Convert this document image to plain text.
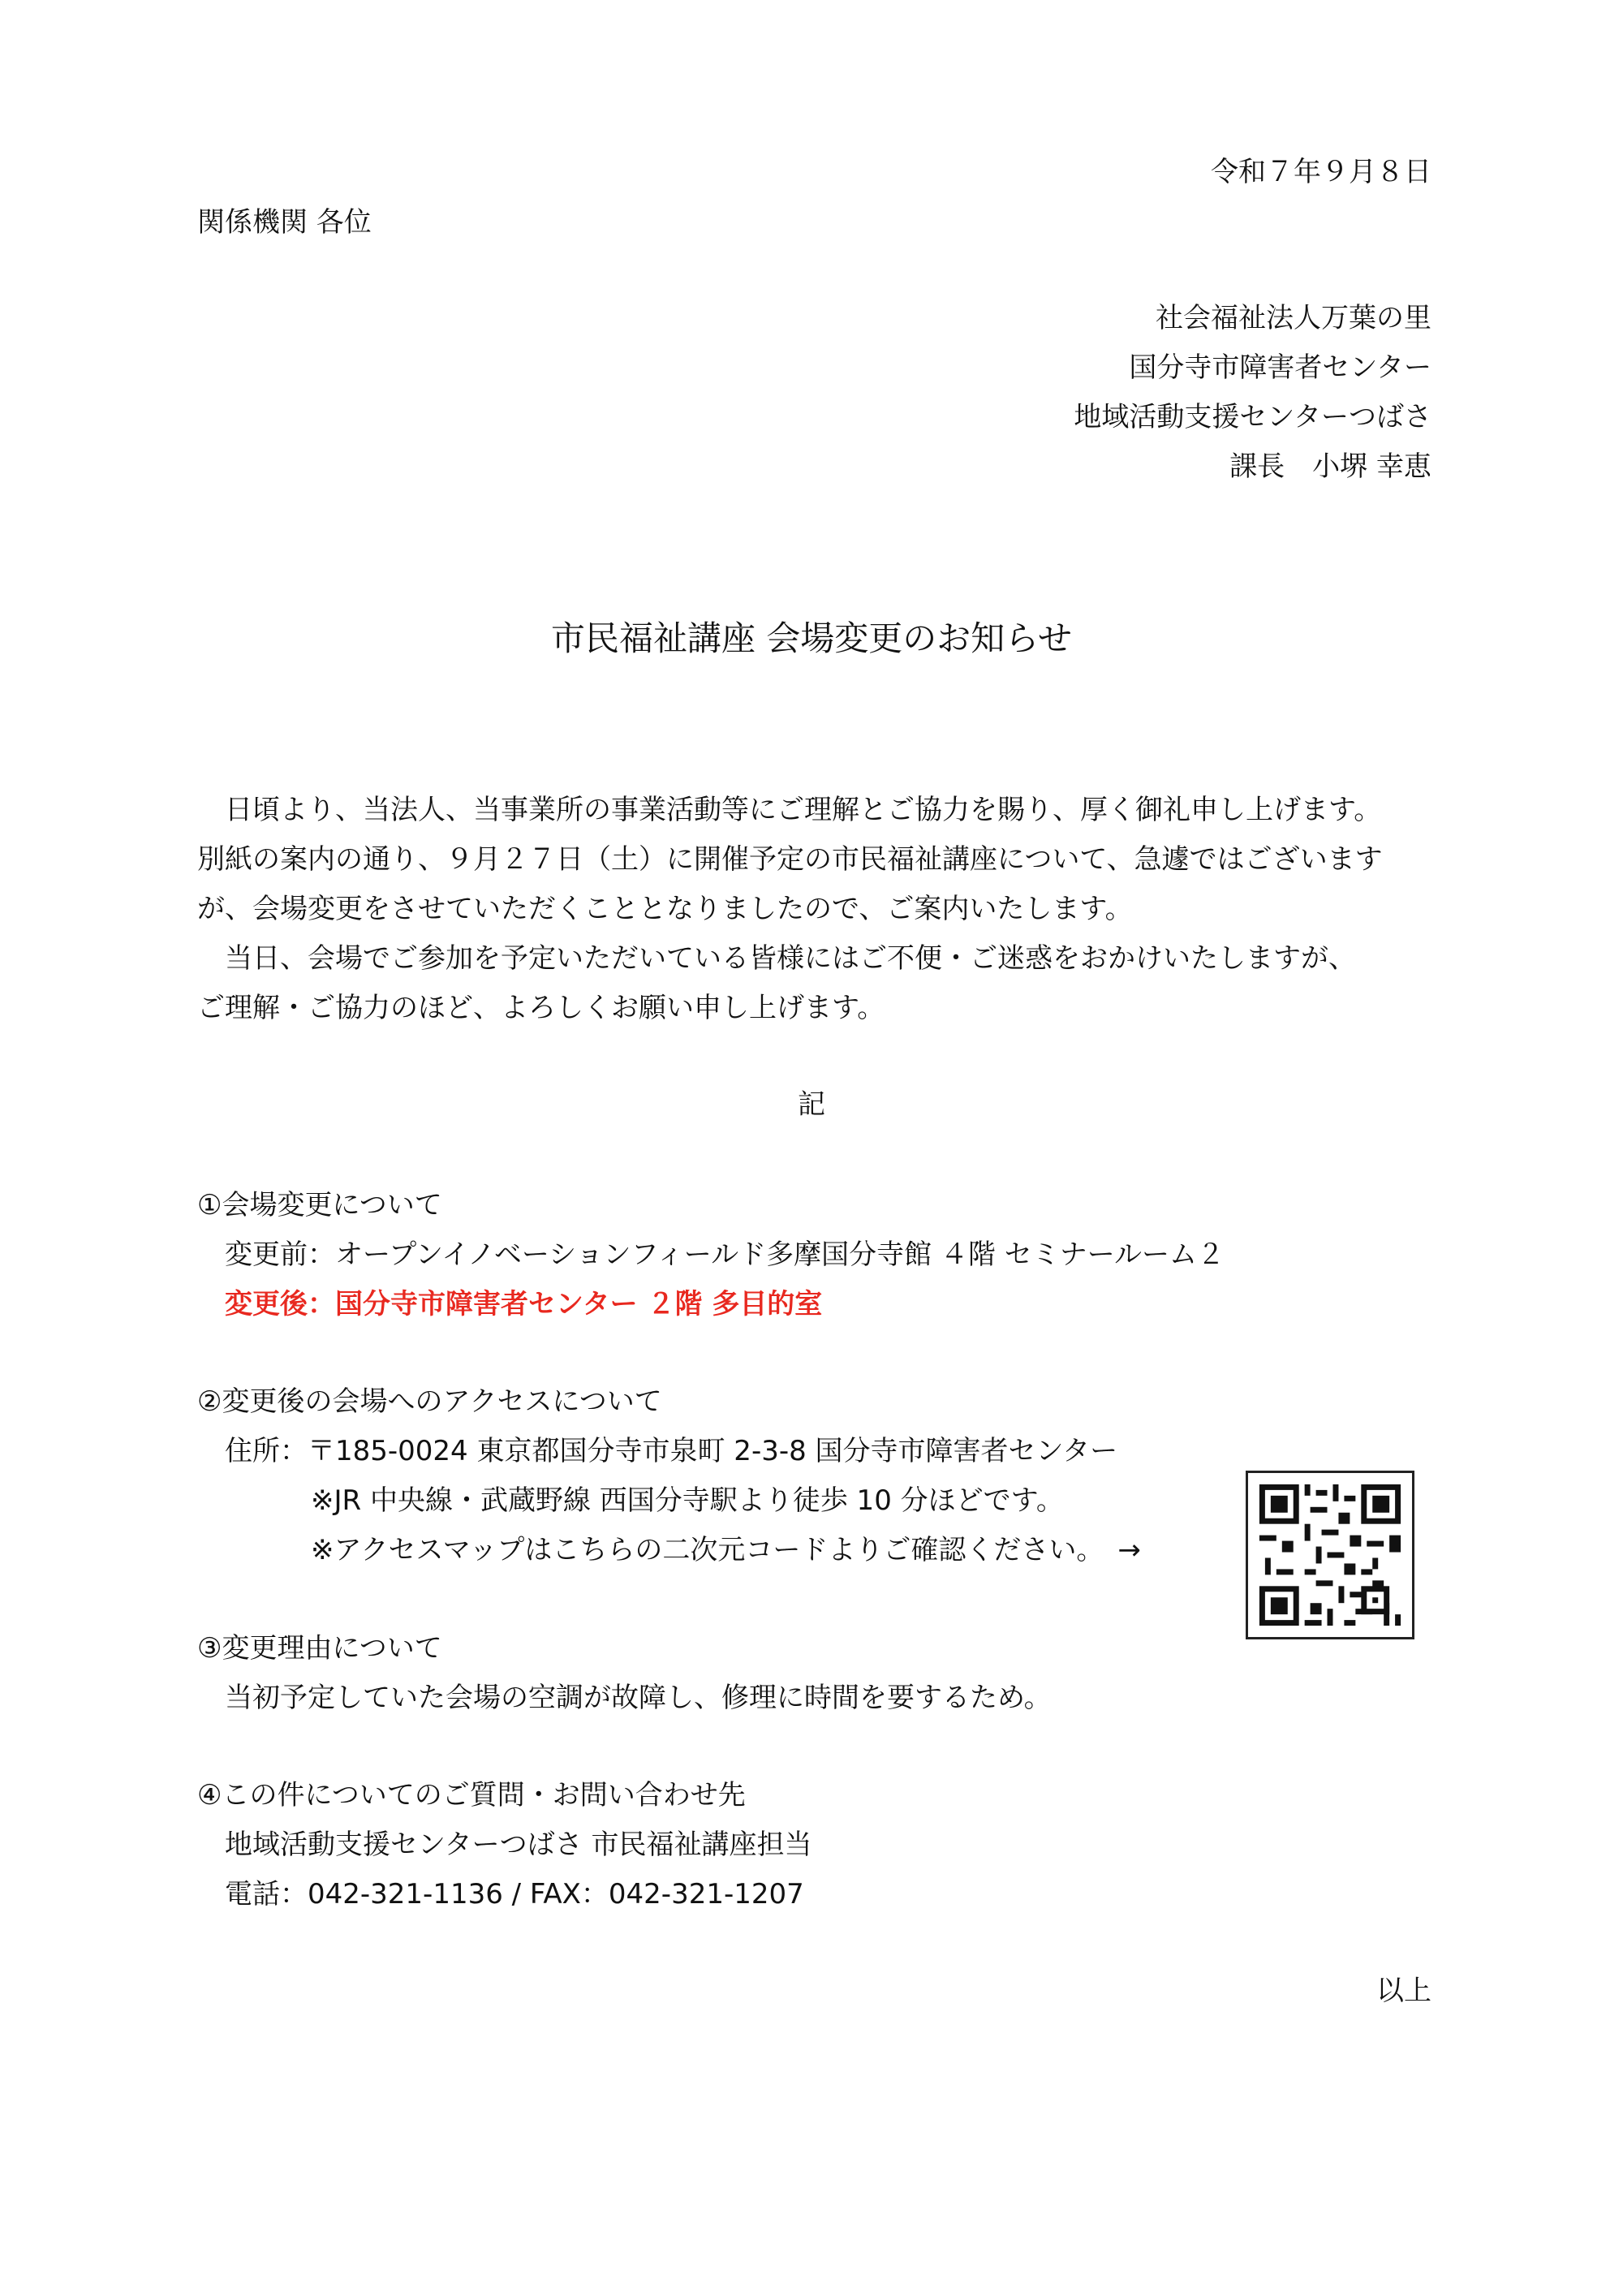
令和７年９月８日
関係機関 各位
社会福祉法人万葉の里
国分寺市障害者センター
地域活動支援センターつばさ
課長　小堺 幸恵
市民福祉講座 会場変更のお知らせ
　日頃より、当法人、当事業所の事業活動等にご理解とご協力を賜り、厚く御礼申し上げます。
別紙の案内の通り、９月２７日（土）に開催予定の市民福祉講座について、急遽ではございます
が、会場変更をさせていただくこととなりましたので、ご案内いたします。
　当日、会場でご参加を予定いただいている皆様にはご不便・ご迷惑をおかけいたしますが、
ご理解・ご協力のほど、よろしくお願い申し上げます。
記
①会場変更について
変更前：オープンイノベーションフィールド多摩国分寺館 ４階 セミナールーム２
変更後：国分寺市障害者センター ２階 多目的室
②変更後の会場へのアクセスについて
住所：〒185-0024 東京都国分寺市泉町 2-3-8 国分寺市障害者センター
※JR 中央線・武蔵野線 西国分寺駅より徒歩 10 分ほどです。
※アクセスマップはこちらの二次元コードよりご確認ください。　→
③変更理由について
当初予定していた会場の空調が故障し、修理に時間を要するため。
④この件についてのご質問・お問い合わせ先
地域活動支援センターつばさ 市民福祉講座担当
電話：042-321-1136 / FAX：042-321-1207
以上
